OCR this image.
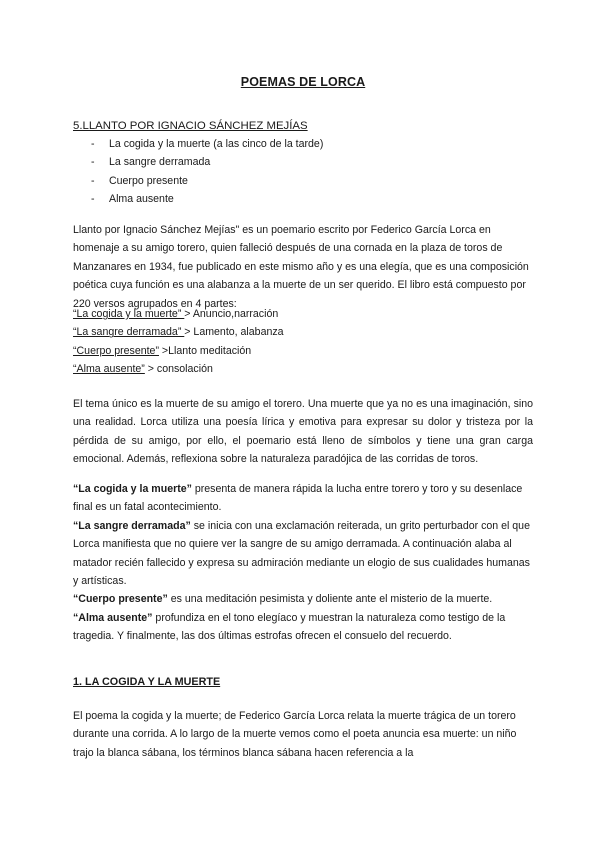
POEMAS DE LORCA
5.LLANTO POR IGNACIO SÁNCHEZ MEJÍAS
- La cogida y la muerte (a las cinco de la tarde)
- La sangre derramada
- Cuerpo presente
- Alma ausente

Llanto por Ignacio Sánchez Mejías" es un poemario escrito por Federico García Lorca en homenaje a su amigo torero, quien falleció después de una cornada en la plaza de toros de Manzanares en 1934, fue publicado en este mismo año y es una elegía, que es una composición poética cuya función es una alabanza a la muerte de un ser querido. El libro está compuesto por 220 versos agrupados en 4 partes:

“La cogida y la muerte” > Anuncio,narración
“La sangre derramada” > Lamento, alabanza
“Cuerpo presente” >Llanto meditación
“Alma ausente” > consolación

El tema único es la muerte de su amigo el torero. Una muerte que ya no es una imaginación, sino una realidad. Lorca utiliza una poesía lírica y emotiva para expresar su dolor y tristeza por la pérdida de su amigo, por ello, el poemario está lleno de símbolos y tiene una gran carga emocional. Además, reflexiona sobre la naturaleza paradójica de las corridas de toros.

“La cogida y la muerte” presenta de manera rápida la lucha entre torero y toro y su desenlace final es un fatal acontecimiento.
“La sangre derramada” se inicia con una exclamación reiterada, un grito perturbador con el que Lorca manifiesta que no quiere ver la sangre de su amigo derramada. A continuación alaba al matador recién fallecido y expresa su admiración mediante un elogio de sus cualidades humanas y artísticas.
“Cuerpo presente” es una meditación pesimista y doliente ante el misterio de la muerte.
“Alma ausente” profundiza en el tono elegíaco y muestran la naturaleza como testigo de la tragedia. Y finalmente, las dos últimas estrofas ofrecen el consuelo del recuerdo.
1. LA COGIDA Y LA MUERTE

El poema la cogida y la muerte; de Federico García Lorca relata la muerte trágica de un torero durante una corrida. A lo largo de la muerte vemos como el poeta anuncia esa muerte: un niño trajo la blanca sábana, los términos blanca sábana hacen referencia a la
